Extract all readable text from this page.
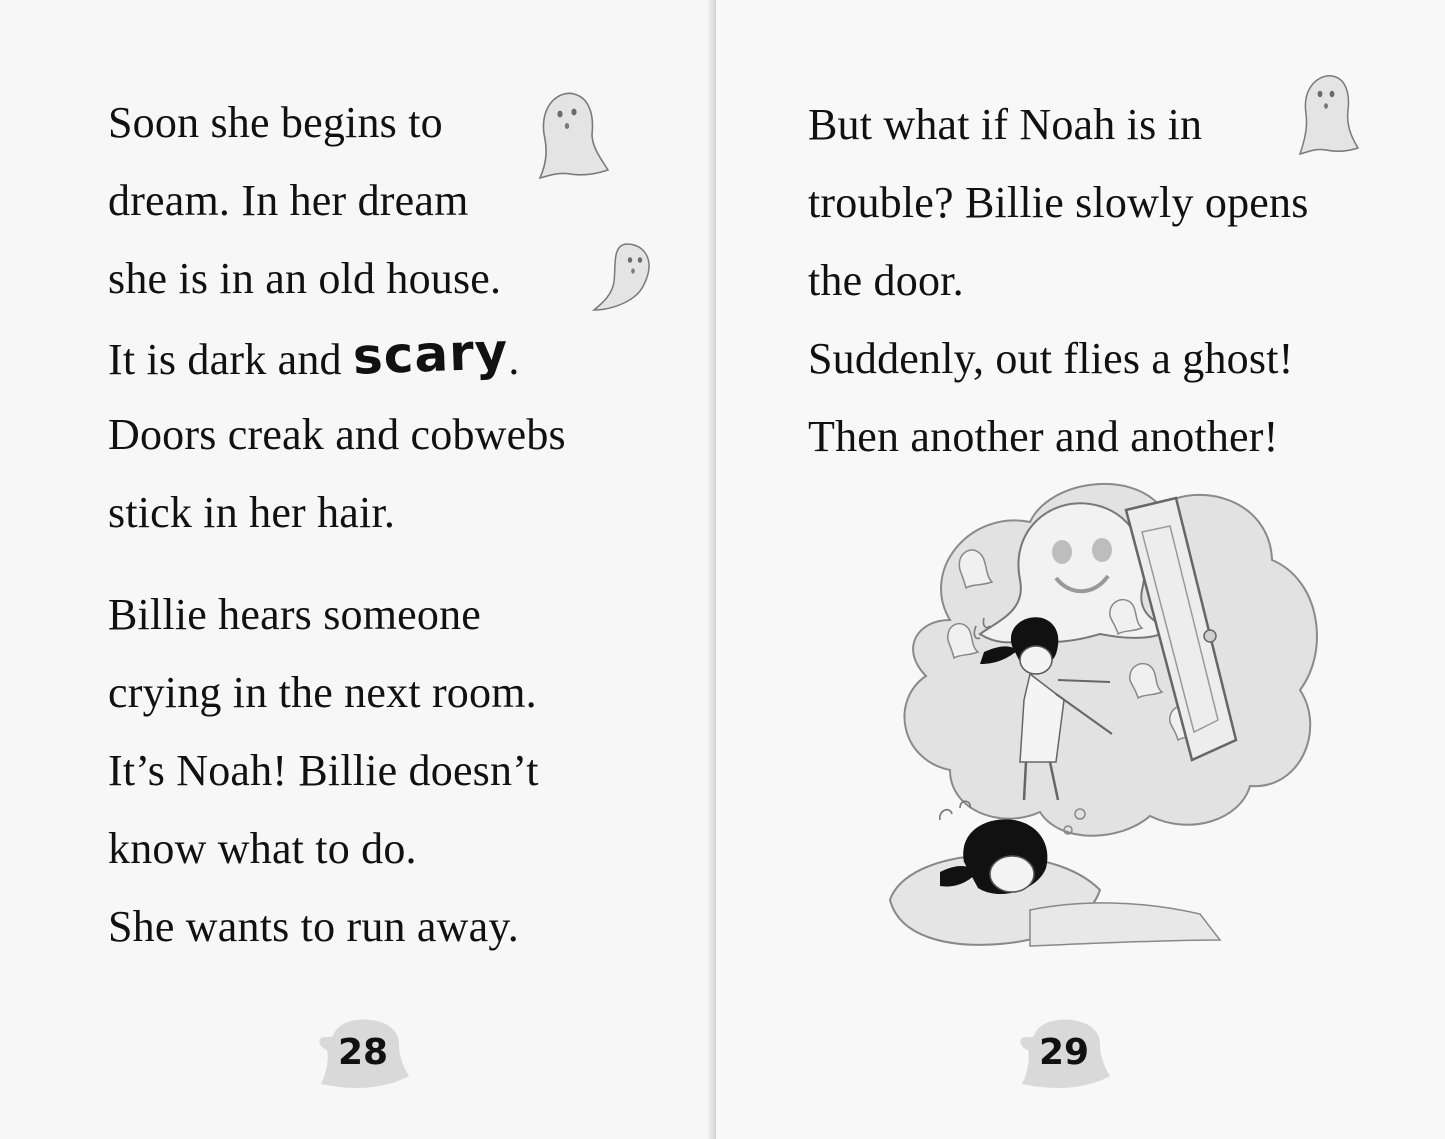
Soon she begins to
dream. In her dream
she is in an old house.
It is dark and scary.
Doors creak and cobwebs
stick in her hair.
Billie hears someone
crying in the next room.
It’s Noah! Billie doesn’t
know what to do.
She wants to run away.
28
But what if Noah is in
trouble? Billie slowly opens
the door.
Suddenly, out flies a ghost!
Then another and another!
29
